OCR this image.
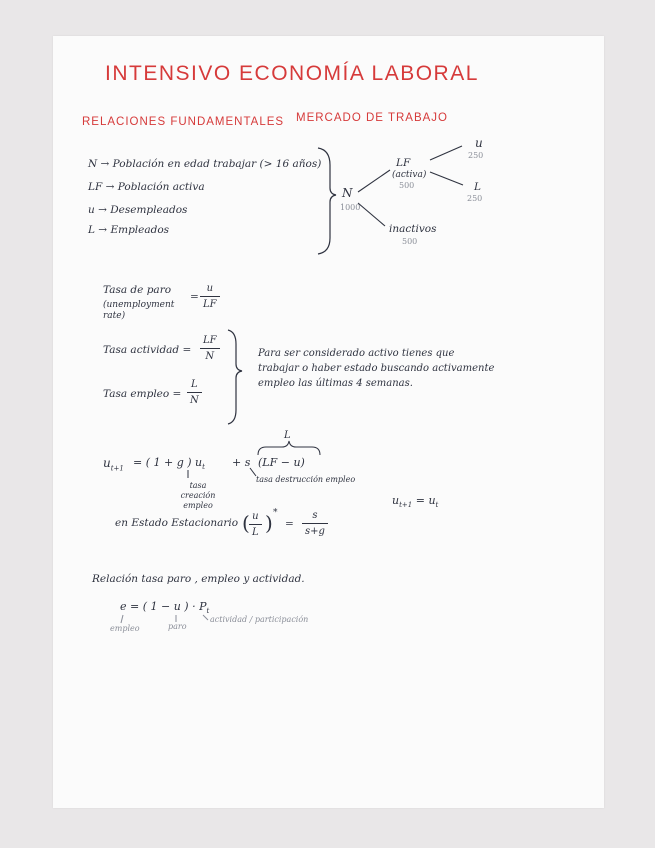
INTENSIVO ECONOMÍA LABORAL
RELACIONES FUNDAMENTALES MERCADO DE TRABAJO
N → Población en edad trabajar (> 16 años)
LF → Población activa
u → Desempleados
L → Empleados
N
1000
LF
(activa)
500
inactivos
500
u
250
L
250
Tasa de paro
(unemployment rate)
=
u
LF
Tasa actividad =
LF
N
Tasa empleo =
L
N
Para ser considerado activo tienes que trabajar o haber estado buscando activamente empleo las últimas 4 semanas.
$u_{t+1}$ = ( 1 + g ) $u_t + s$ (LF − u)
L
tasa creación empleo
tasa destrucción empleo
$u_{t+1} = u_t$
en Estado Estacionario ( u
L ) *
=
s
s+g
Relación tasa paro , empleo y actividad.
e = ( 1 − u ) · $P_t$
empleo	paro
actividad / participación
